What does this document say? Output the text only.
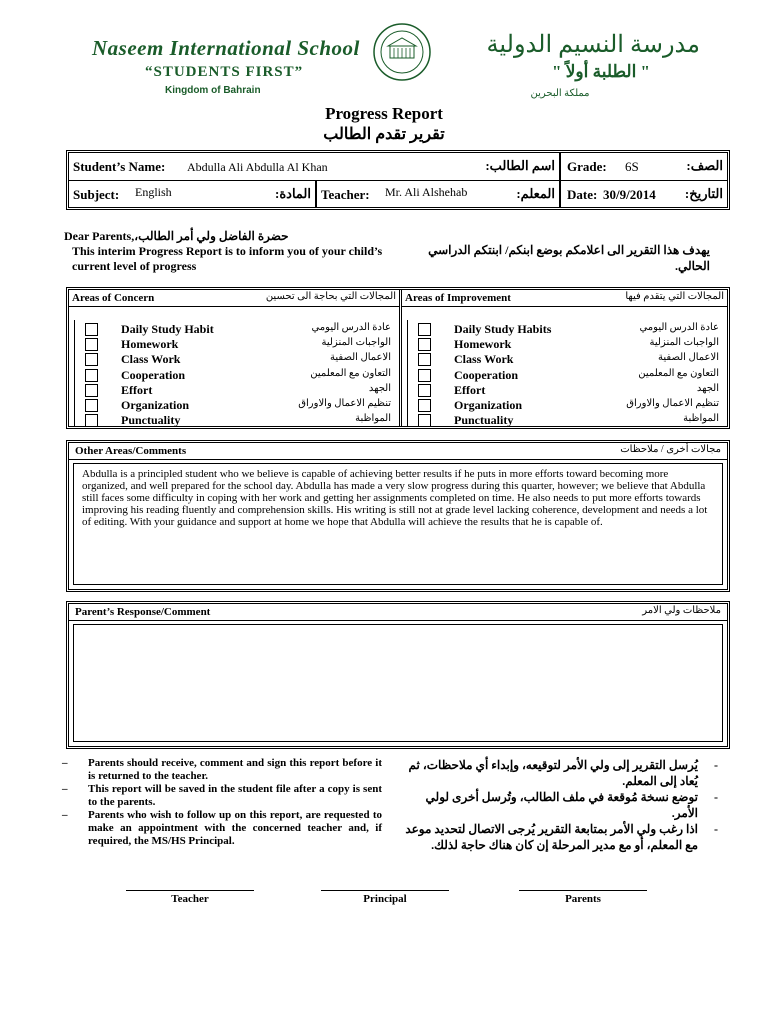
Naseem International School
“STUDENTS FIRST”
Kingdom of Bahrain
مدرسة النسيم الدولية
" الطلبة أولاً "
مملكة البحرين
Progress Report
تقرير تقدم الطالب
Student’s Name: Abdulla Ali Abdulla Al Khan	اسم الطالب: Grade: 6S	الصف:
Subject: English	المادة: Teacher: Mr. Ali Alshehab	المعلم: Date: 30/9/2014 التاريخ:
Dear Parents,حضرة الفاضل ولي أمر الطالب،
This interim Progress Report is to inform you of your child’s current level of progress
يهدف هذا التقرير الى اعلامكم بوضع ابنكم/ ابنتكم الدراسي الحالي.
Areas of Concern	المجالات التي بحاجة الى تحسين
Daily Study Habit	عادة الدرس اليومي
Homework	الواجبات المنزلية
Class Work	الاعمال الصفية
Cooperation	التعاون مع المعلمين
Effort	الجهد
Organization	تنظيم الاعمال والاوراق
Punctuality	المواظبة
Areas of Improvement	المجالات التي يتقدم فيها
Daily Study Habits	عادة الدرس اليومي
Homework	الواجبات المنزلية
Class Work	الاعمال الصفية
Cooperation	التعاون مع المعلمين
Effort	الجهد
Organization	تنظيم الاعمال والاوراق
Punctuality	المواظبة
Other Areas/Comments	مجالات أخرى / ملاحظات
Abdulla is a principled student who we believe is capable of achieving better results if he puts in more efforts toward becoming more organized, and well prepared for the school day. Abdulla has made a very slow progress during this quarter, however; we believe that Abdulla still faces some difficulty in coping with her work and getting her assignments completed on time. He also needs to put more efforts towards improving his reading fluently and comprehension skills. His writing is still not at grade level lacking coherence, development and needs a lot of editing. With your guidance and support at home we hope that Abdulla will achieve the results that he is capable of.
Parent’s Response/Comment	ملاحظات ولي الامر
– Parents should receive, comment and sign this report before it is returned to the teacher.
– This report will be saved in the student file after a copy is sent to the parents.
– Parents who wish to follow up on this report, are requested to make an appointment with the concerned teacher and, if required, the MS/HS Principal.
- يُرسل التقرير إلى ولي الأمر لتوقيعه، وإبداء أي ملاحظات، ثم يُعاد إلى المعلم.
- توضع نسخة مُوقعة في ملف الطالب، وتُرسل أخرى لولي الأمر.
- اذا رغب ولي الأمر بمتابعة التقرير يُرجى الاتصال لتحديد موعد مع المعلم، أو مع مدير المرحلة إن كان هناك حاجة لذلك.
Teacher	Principal	Parents
